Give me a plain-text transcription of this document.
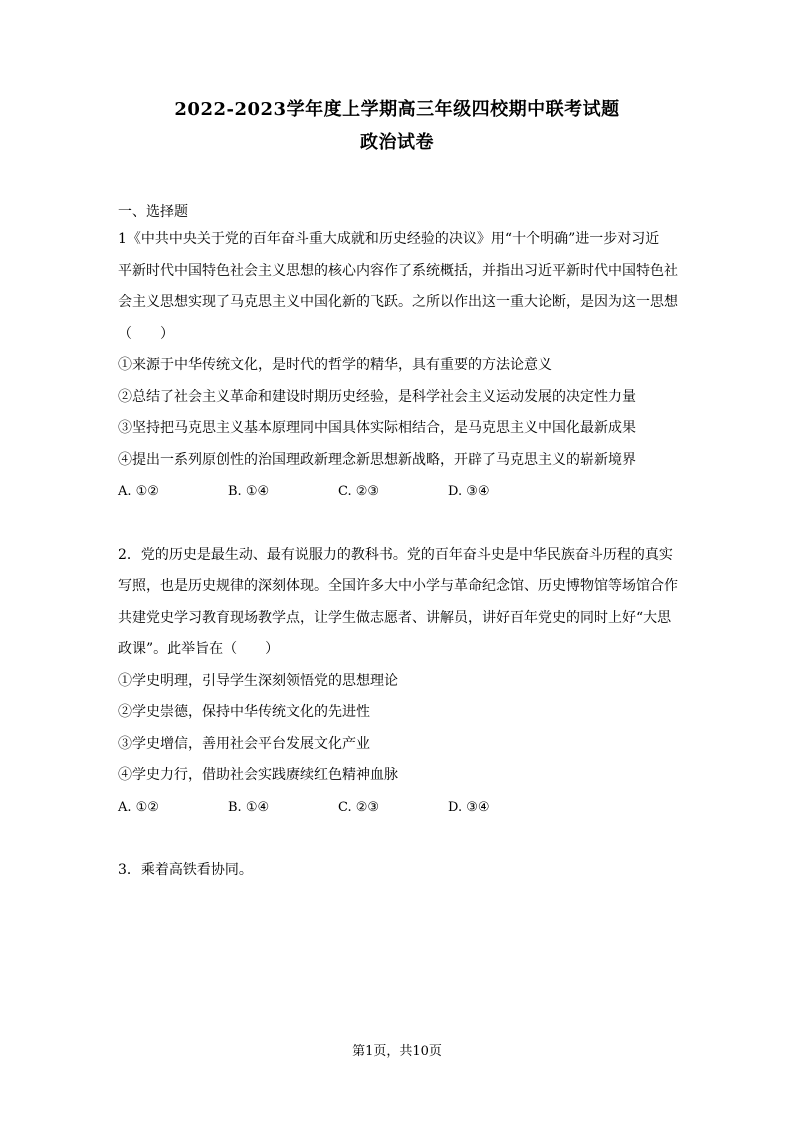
2022-2023学年度上学期高三年级四校期中联考试题
政治试卷
一、选择题
1《中共中央关于党的百年奋斗重大成就和历史经验的决议》用“十个明确”进一步对习近
平新时代中国特色社会主义思想的核心内容作了系统概括，并指出习近平新时代中国特色社
会主义思想实现了马克思主义中国化新的飞跃。之所以作出这一重大论断，是因为这一思想
（　　）
①来源于中华传统文化，是时代的哲学的精华，具有重要的方法论意义
②总结了社会主义革命和建设时期历史经验，是科学社会主义运动发展的决定性力量
③坚持把马克思主义基本原理同中国具体实际相结合，是马克思主义中国化最新成果
④提出一系列原创性的治国理政新理念新思想新战略，开辟了马克思主义的崭新境界
A. ①②	B. ①④	C. ②③	D. ③④
2．党的历史是最生动、最有说服力的教科书。党的百年奋斗史是中华民族奋斗历程的真实
写照，也是历史规律的深刻体现。全国许多大中小学与革命纪念馆、历史博物馆等场馆合作
共建党史学习教育现场教学点，让学生做志愿者、讲解员，讲好百年党史的同时上好“大思
政课”。此举旨在（　　）
①学史明理，引导学生深刻领悟党的思想理论
②学史崇德，保持中华传统文化的先进性
③学史增信，善用社会平台发展文化产业
④学史力行，借助社会实践赓续红色精神血脉
A. ①②	B. ①④	C. ②③	D. ③④
3．乘着高铁看协同。
第1页，共10页
